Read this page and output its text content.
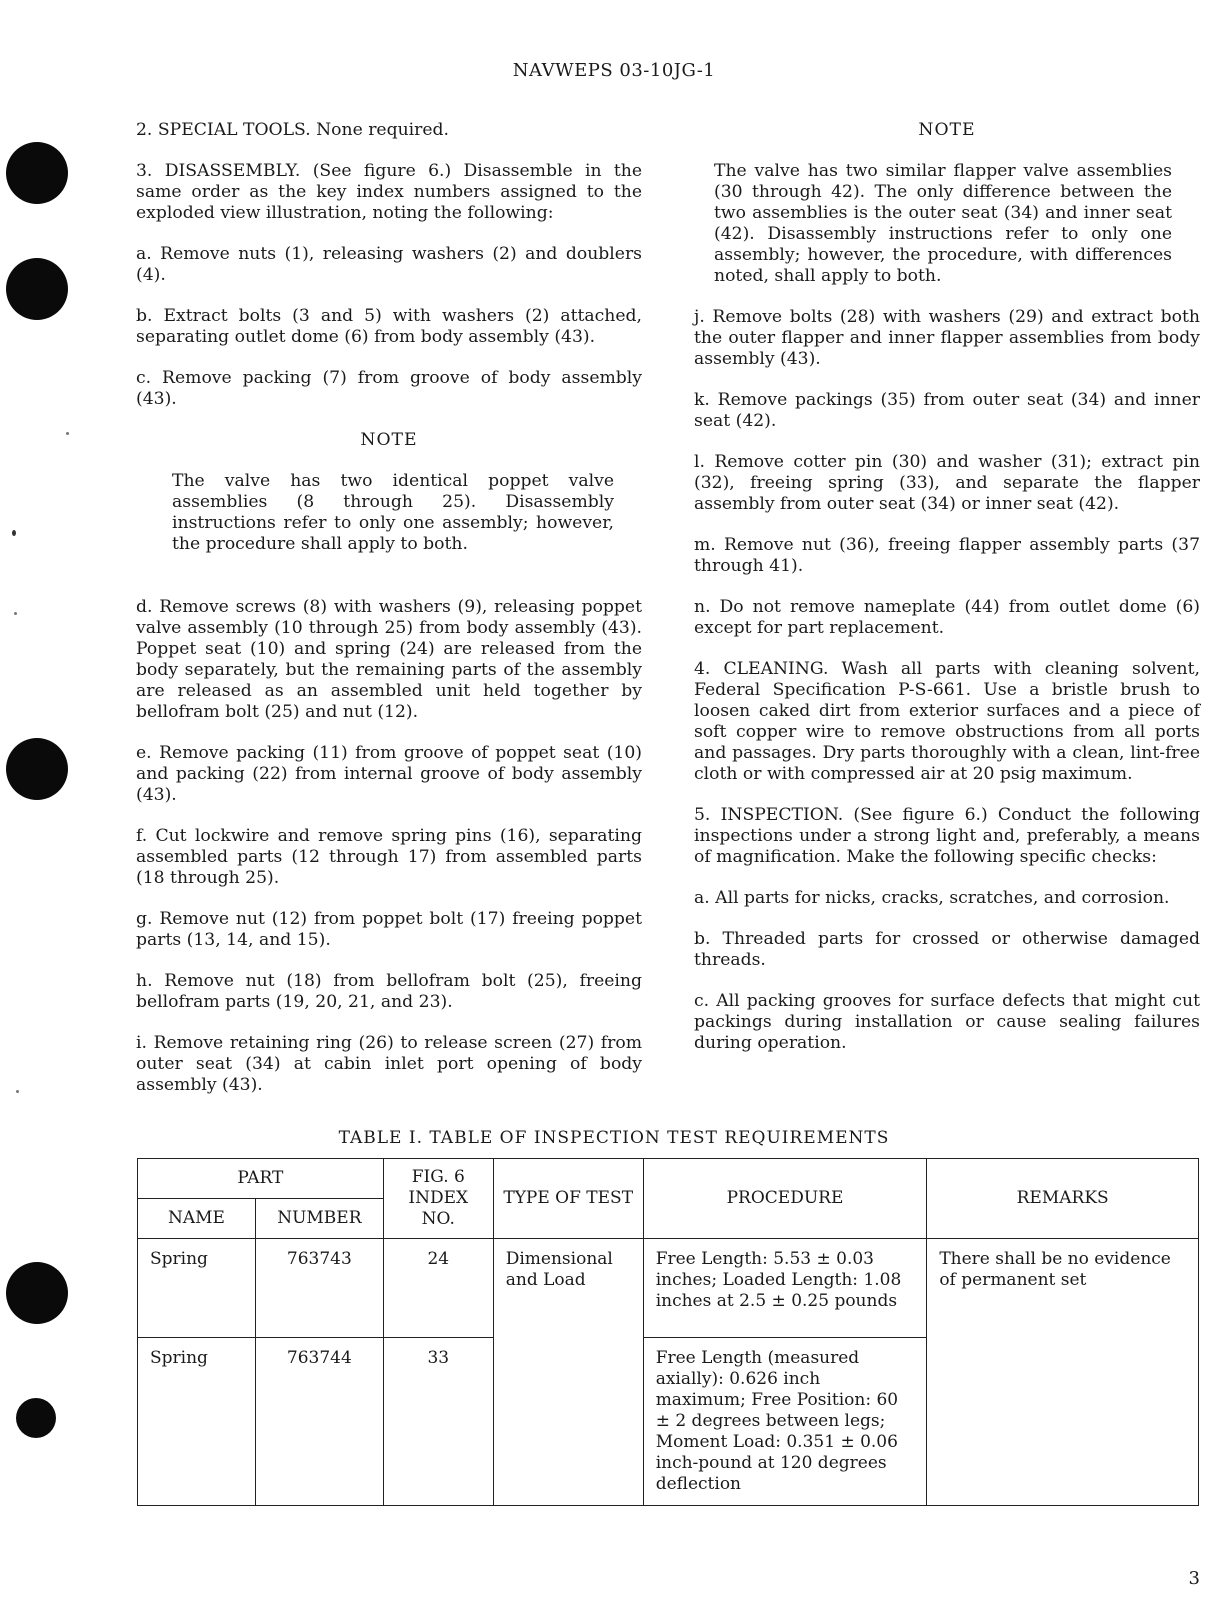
NAVWEPS 03-10JG-1

2. SPECIAL TOOLS. None required.

3. DISASSEMBLY. (See figure 6.) Disassemble in the same order as the key index numbers assigned to the exploded view illustration, noting the following:

a. Remove nuts (1), releasing washers (2) and doublers (4).

b. Extract bolts (3 and 5) with washers (2) attached, separating outlet dome (6) from body assembly (43).

c. Remove packing (7) from groove of body assembly (43).

NOTE

The valve has two identical poppet valve assemblies (8 through 25). Disassembly instructions refer to only one assembly; however, the procedure shall apply to both.

d. Remove screws (8) with washers (9), releasing poppet valve assembly (10 through 25) from body assembly (43). Poppet seat (10) and spring (24) are released from the body separately, but the remaining parts of the assembly are released as an assembled unit held together by bellofram bolt (25) and nut (12).

e. Remove packing (11) from groove of poppet seat (10) and packing (22) from internal groove of body assembly (43).

f. Cut lockwire and remove spring pins (16), separating assembled parts (12 through 17) from assembled parts (18 through 25).

g. Remove nut (12) from poppet bolt (17) freeing poppet parts (13, 14, and 15).

h. Remove nut (18) from bellofram bolt (25), freeing bellofram parts (19, 20, 21, and 23).

i. Remove retaining ring (26) to release screen (27) from outer seat (34) at cabin inlet port opening of body assembly (43).

NOTE

The valve has two similar flapper valve assemblies (30 through 42). The only difference between the two assemblies is the outer seat (34) and inner seat (42). Disassembly instructions refer to only one assembly; however, the procedure, with differences noted, shall apply to both.

j. Remove bolts (28) with washers (29) and extract both the outer flapper and inner flapper assemblies from body assembly (43).

k. Remove packings (35) from outer seat (34) and inner seat (42).

l. Remove cotter pin (30) and washer (31); extract pin (32), freeing spring (33), and separate the flapper assembly from outer seat (34) or inner seat (42).

m. Remove nut (36), freeing flapper assembly parts (37 through 41).

n. Do not remove nameplate (44) from outlet dome (6) except for part replacement.

4. CLEANING. Wash all parts with cleaning solvent, Federal Specification P-S-661. Use a bristle brush to loosen caked dirt from exterior surfaces and a piece of soft copper wire to remove obstructions from all ports and passages. Dry parts thoroughly with a clean, lint-free cloth or with compressed air at 20 psig maximum.

5. INSPECTION. (See figure 6.) Conduct the following inspections under a strong light and, preferably, a means of magnification. Make the following specific checks:

a. All parts for nicks, cracks, scratches, and corrosion.

b. Threaded parts for crossed or otherwise damaged threads.

c. All packing grooves for surface defects that might cut packings during installation or cause sealing failures during operation.

TABLE I. TABLE OF INSPECTION TEST REQUIREMENTS
PART		FIG. 6 INDEX NO.	TYPE OF TEST	PROCEDURE	REMARKS
NAME	NUMBER				
Spring	763743	24	Dimensional and Load	Free Length: 5.53 ± 0.03 inches; Loaded Length: 1.08 inches at 2.5 ± 0.25 pounds	There shall be no evidence of permanent set
Spring	763744	33		Free Length (measured axially): 0.626 inch maximum; Free Position: 60 ± 2 degrees between legs; Moment Load: 0.351 ± 0.06 inch-pound at 120 degrees deflection	
3
